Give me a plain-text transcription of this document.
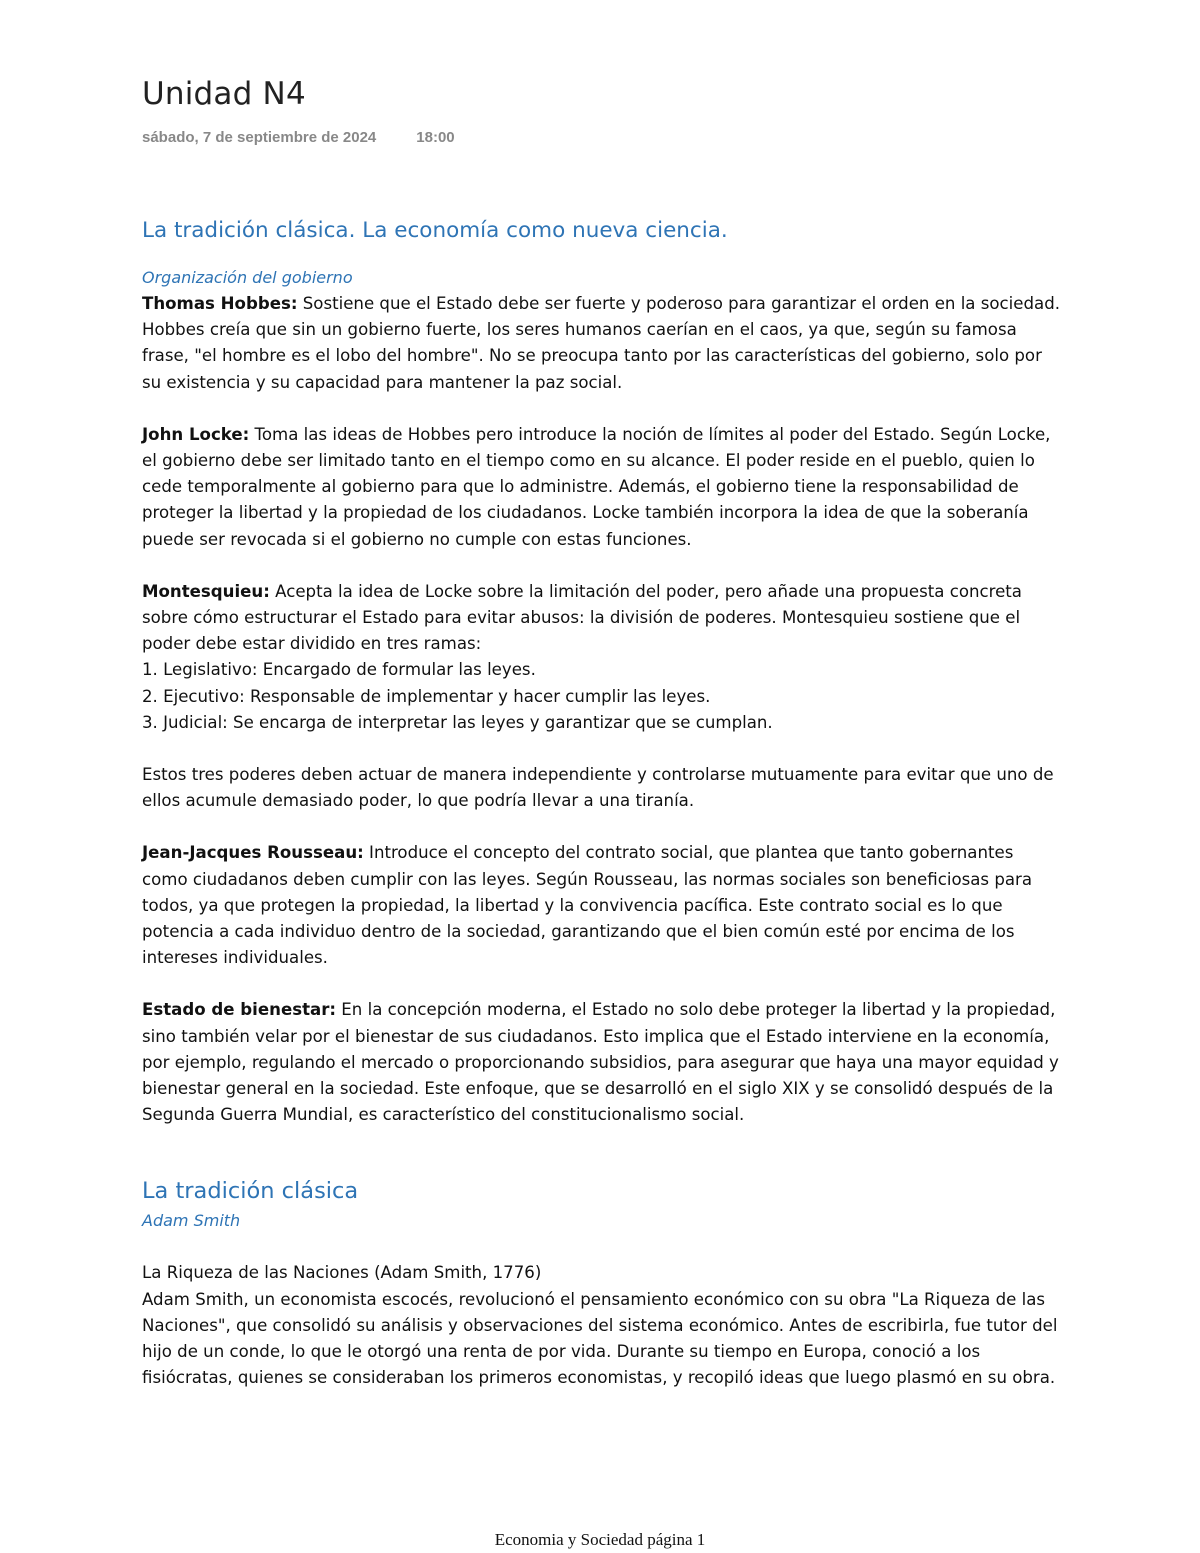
Unidad N4
sábado, 7 de septiembre de 2024	18:00
La tradición clásica. La economía como nueva ciencia.
Organización del gobierno

Thomas Hobbes: Sostiene que el Estado debe ser fuerte y poderoso para garantizar el orden en la sociedad. Hobbes creía que sin un gobierno fuerte, los seres humanos caerían en el caos, ya que, según su famosa frase, "el hombre es el lobo del hombre". No se preocupa tanto por las características del gobierno, solo por su existencia y su capacidad para mantener la paz social.

John Locke: Toma las ideas de Hobbes pero introduce la noción de límites al poder del Estado. Según Locke, el gobierno debe ser limitado tanto en el tiempo como en su alcance. El poder reside en el pueblo, quien lo cede temporalmente al gobierno para que lo administre. Además, el gobierno tiene la responsabilidad de proteger la libertad y la propiedad de los ciudadanos. Locke también incorpora la idea de que la soberanía puede ser revocada si el gobierno no cumple con estas funciones.

Montesquieu: Acepta la idea de Locke sobre la limitación del poder, pero añade una propuesta concreta sobre cómo estructurar el Estado para evitar abusos: la división de poderes. Montesquieu sostiene que el poder debe estar dividido en tres ramas:

1. Legislativo: Encargado de formular las leyes.

2. Ejecutivo: Responsable de implementar y hacer cumplir las leyes.

3. Judicial: Se encarga de interpretar las leyes y garantizar que se cumplan.

Estos tres poderes deben actuar de manera independiente y controlarse mutuamente para evitar que uno de ellos acumule demasiado poder, lo que podría llevar a una tiranía.

Jean-Jacques Rousseau: Introduce el concepto del contrato social, que plantea que tanto gobernantes como ciudadanos deben cumplir con las leyes. Según Rousseau, las normas sociales son beneficiosas para todos, ya que protegen la propiedad, la libertad y la convivencia pacífica. Este contrato social es lo que potencia a cada individuo dentro de la sociedad, garantizando que el bien común esté por encima de los intereses individuales.

Estado de bienestar: En la concepción moderna, el Estado no solo debe proteger la libertad y la propiedad, sino también velar por el bienestar de sus ciudadanos. Esto implica que el Estado interviene en la economía, por ejemplo, regulando el mercado o proporcionando subsidios, para asegurar que haya una mayor equidad y bienestar general en la sociedad. Este enfoque, que se desarrolló en el siglo XIX y se consolidó después de la Segunda Guerra Mundial, es característico del constitucionalismo social.

La tradición clásica
Adam Smith

La Riqueza de las Naciones (Adam Smith, 1776)

Adam Smith, un economista escocés, revolucionó el pensamiento económico con su obra "La Riqueza de las Naciones", que consolidó su análisis y observaciones del sistema económico. Antes de escribirla, fue tutor del hijo de un conde, lo que le otorgó una renta de por vida. Durante su tiempo en Europa, conoció a los fisiócratas, quienes se consideraban los primeros economistas, y recopiló ideas que luego plasmó en su obra.

Economia y Sociedad página 1
